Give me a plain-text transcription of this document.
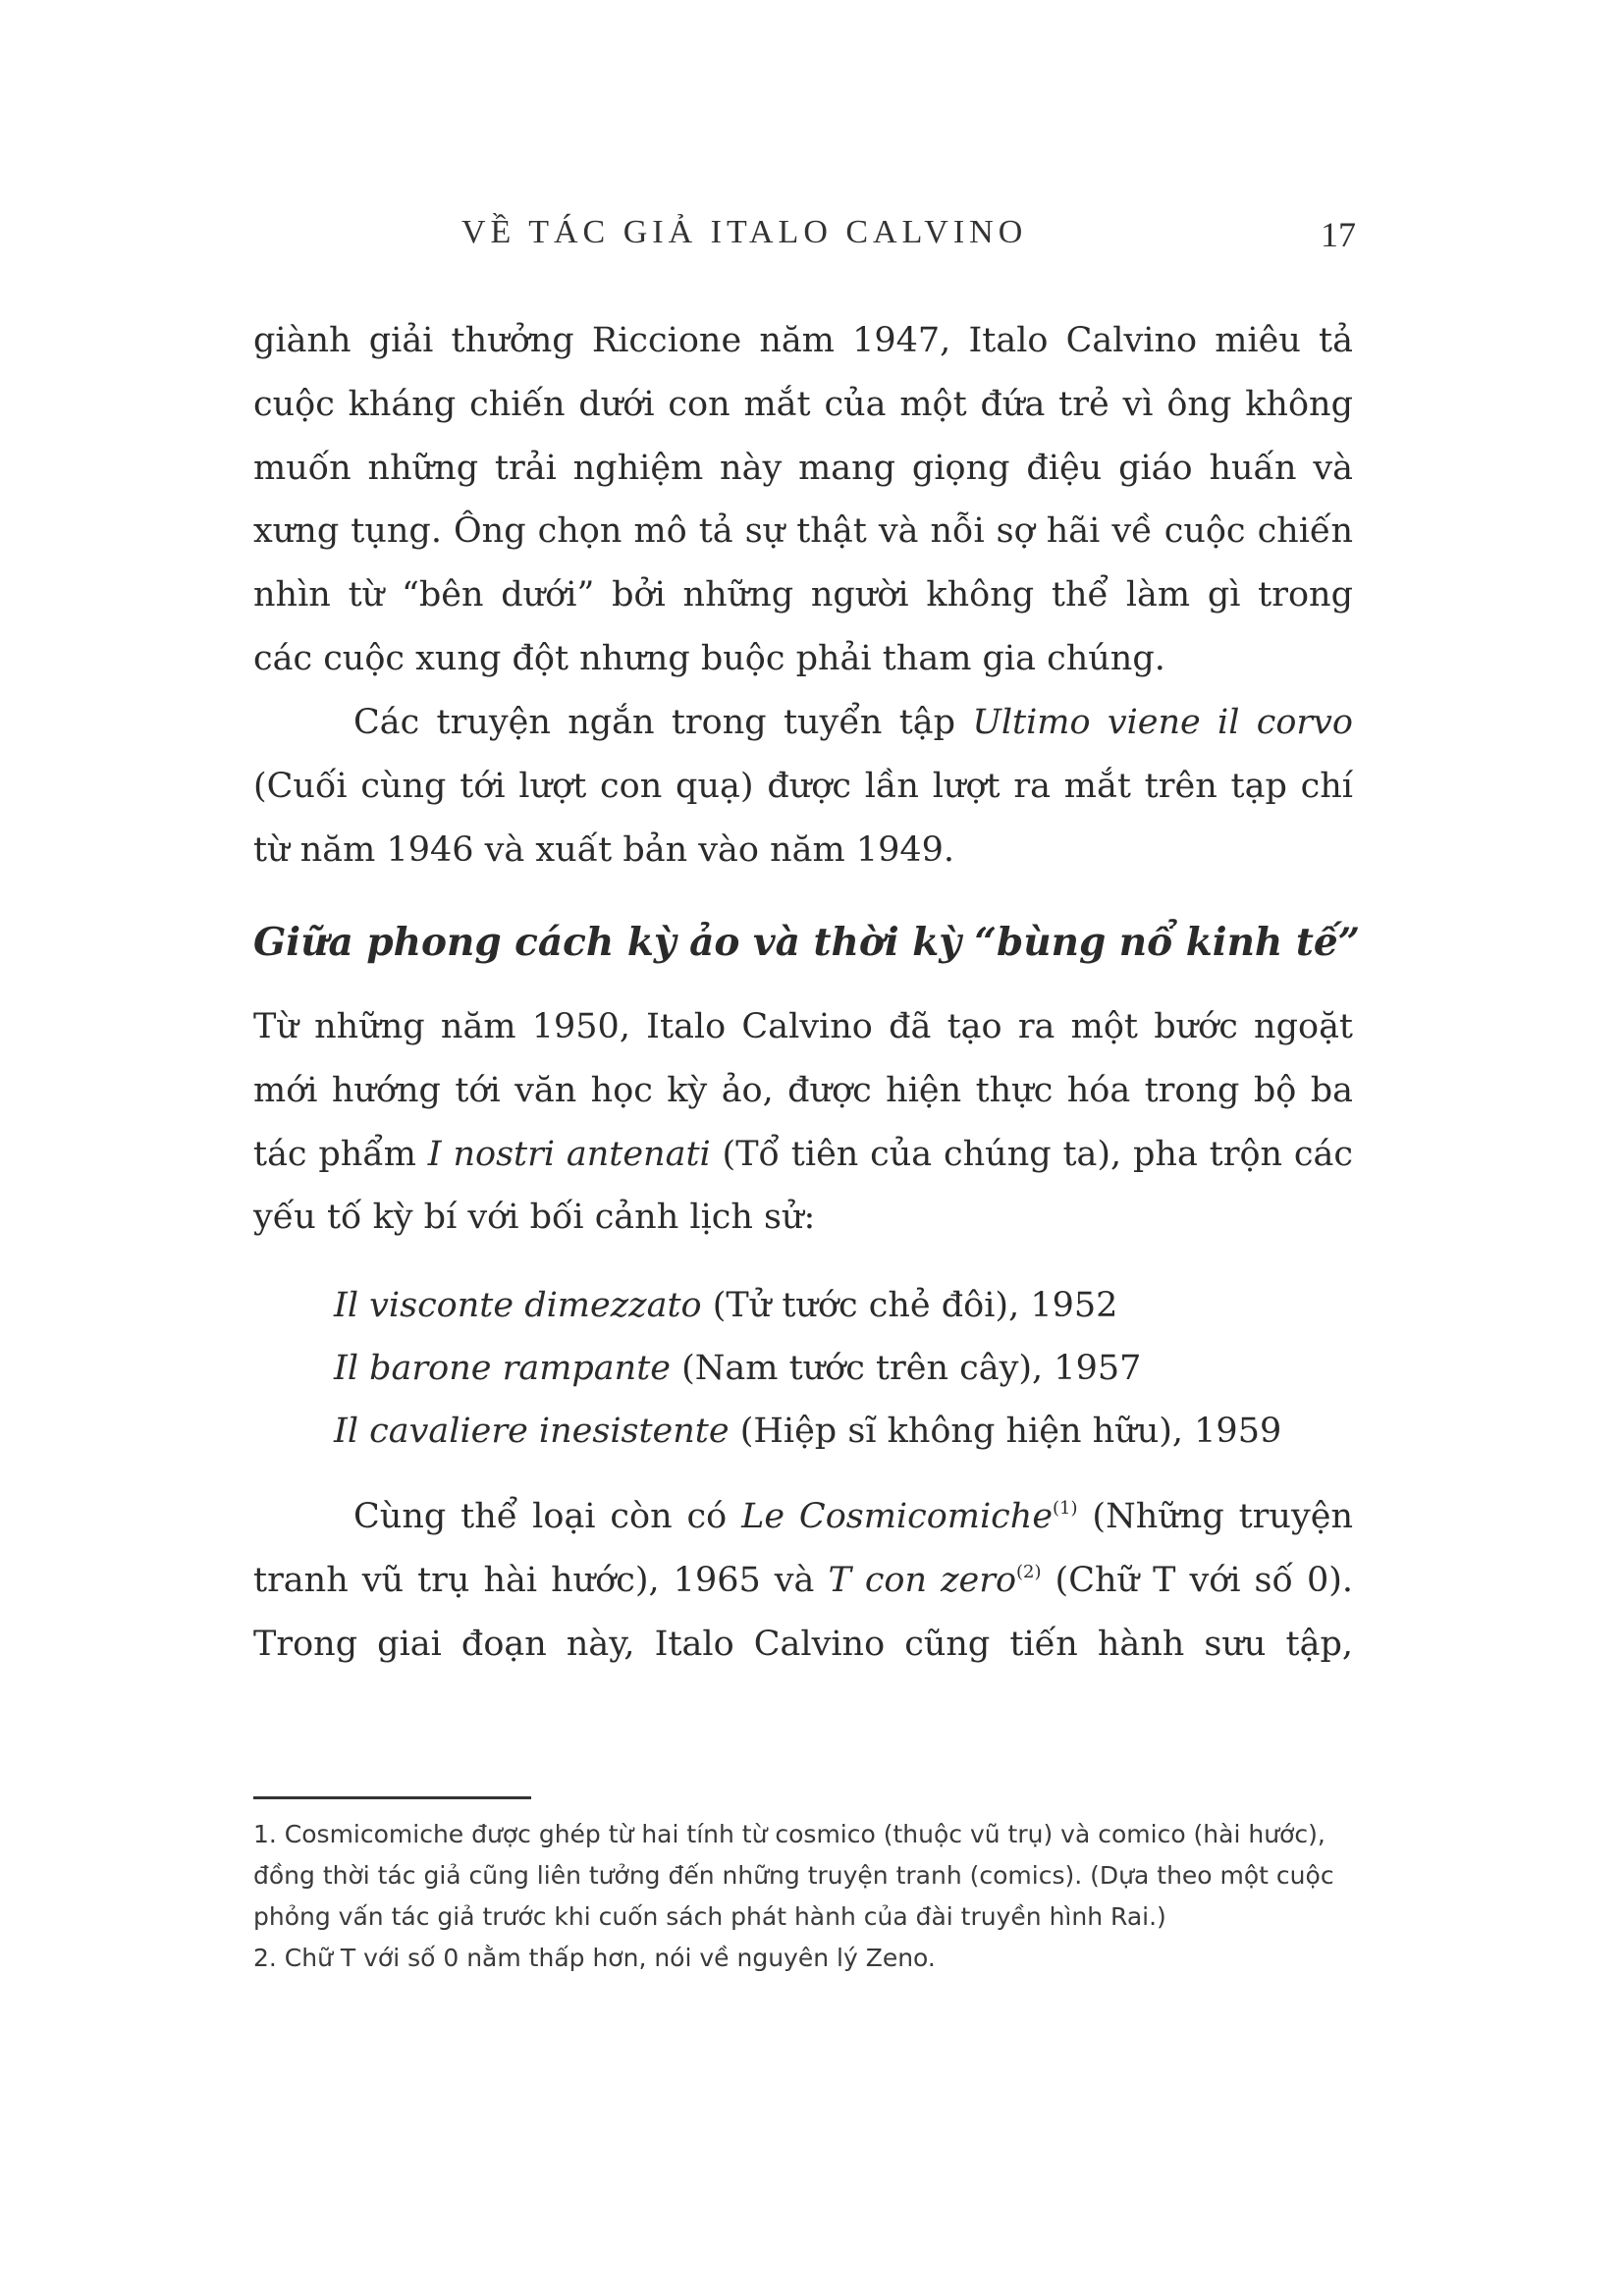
VỀ TÁC GIẢ ITALO CALVINO	17
giành giải thưởng Riccione năm 1947, Italo Calvino miêu tả
cuộc kháng chiến dưới con mắt của một đứa trẻ vì ông không
muốn những trải nghiệm này mang giọng điệu giáo huấn và
xưng tụng. Ông chọn mô tả sự thật và nỗi sợ hãi về cuộc chiến
nhìn từ “bên dưới” bởi những người không thể làm gì trong
các cuộc xung đột nhưng buộc phải tham gia chúng.
Các truyện ngắn trong tuyển tập Ultimo viene il corvo
(Cuối cùng tới lượt con quạ) được lần lượt ra mắt trên tạp chí
từ năm 1946 và xuất bản vào năm 1949.
Giữa phong cách kỳ ảo và thời kỳ “bùng nổ kinh tế”
Từ những năm 1950, Italo Calvino đã tạo ra một bước ngoặt
mới hướng tới văn học kỳ ảo, được hiện thực hóa trong bộ ba
tác phẩm I nostri antenati (Tổ tiên của chúng ta), pha trộn các
yếu tố kỳ bí với bối cảnh lịch sử:
Il visconte dimezzato (Tử tước chẻ đôi), 1952
Il barone rampante (Nam tước trên cây), 1957
Il cavaliere inesistente (Hiệp sĩ không hiện hữu), 1959
Cùng thể loại còn có Le Cosmicomiche$^{(1)}$ (Những truyện
tranh vũ trụ hài hước), 1965 và T con zero$^{(2)}$ (Chữ T với số 0).
Trong giai đoạn này, Italo Calvino cũng tiến hành sưu tập,

1. Cosmicomiche được ghép từ hai tính từ cosmico (thuộc vũ trụ) và comico (hài hước), đồng thời tác giả cũng liên tưởng đến những truyện tranh (comics). (Dựa theo một cuộc phỏng vấn tác giả trước khi cuốn sách phát hành của đài truyền hình Rai.)

2. Chữ T với số 0 nằm thấp hơn, nói về nguyên lý Zeno.
